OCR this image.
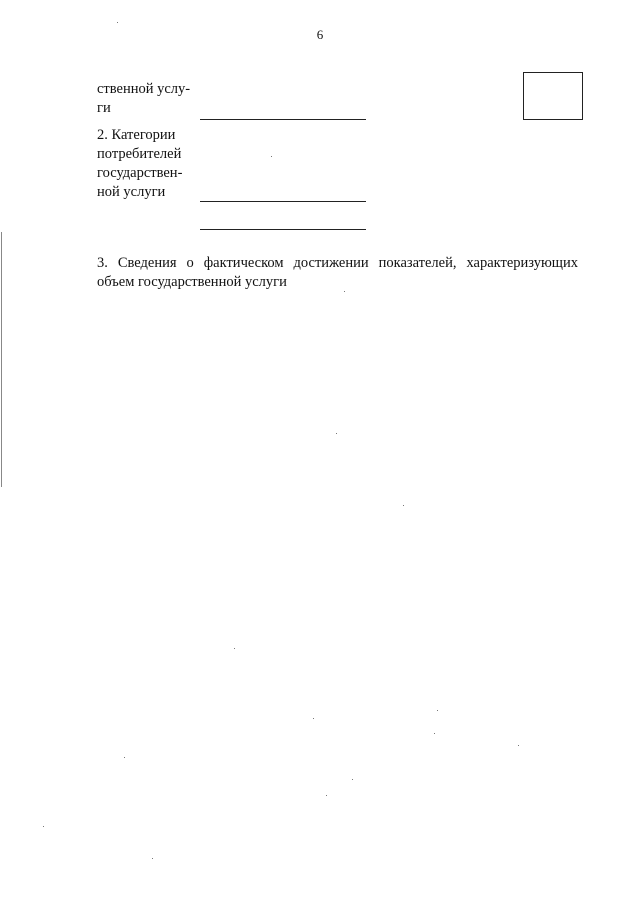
6
ственной услу-
ги
2. Категории
потребителей
государствен-
ной услуги
3. Сведения о фактическом достижении показателей, характеризующих объем государственной услуги
